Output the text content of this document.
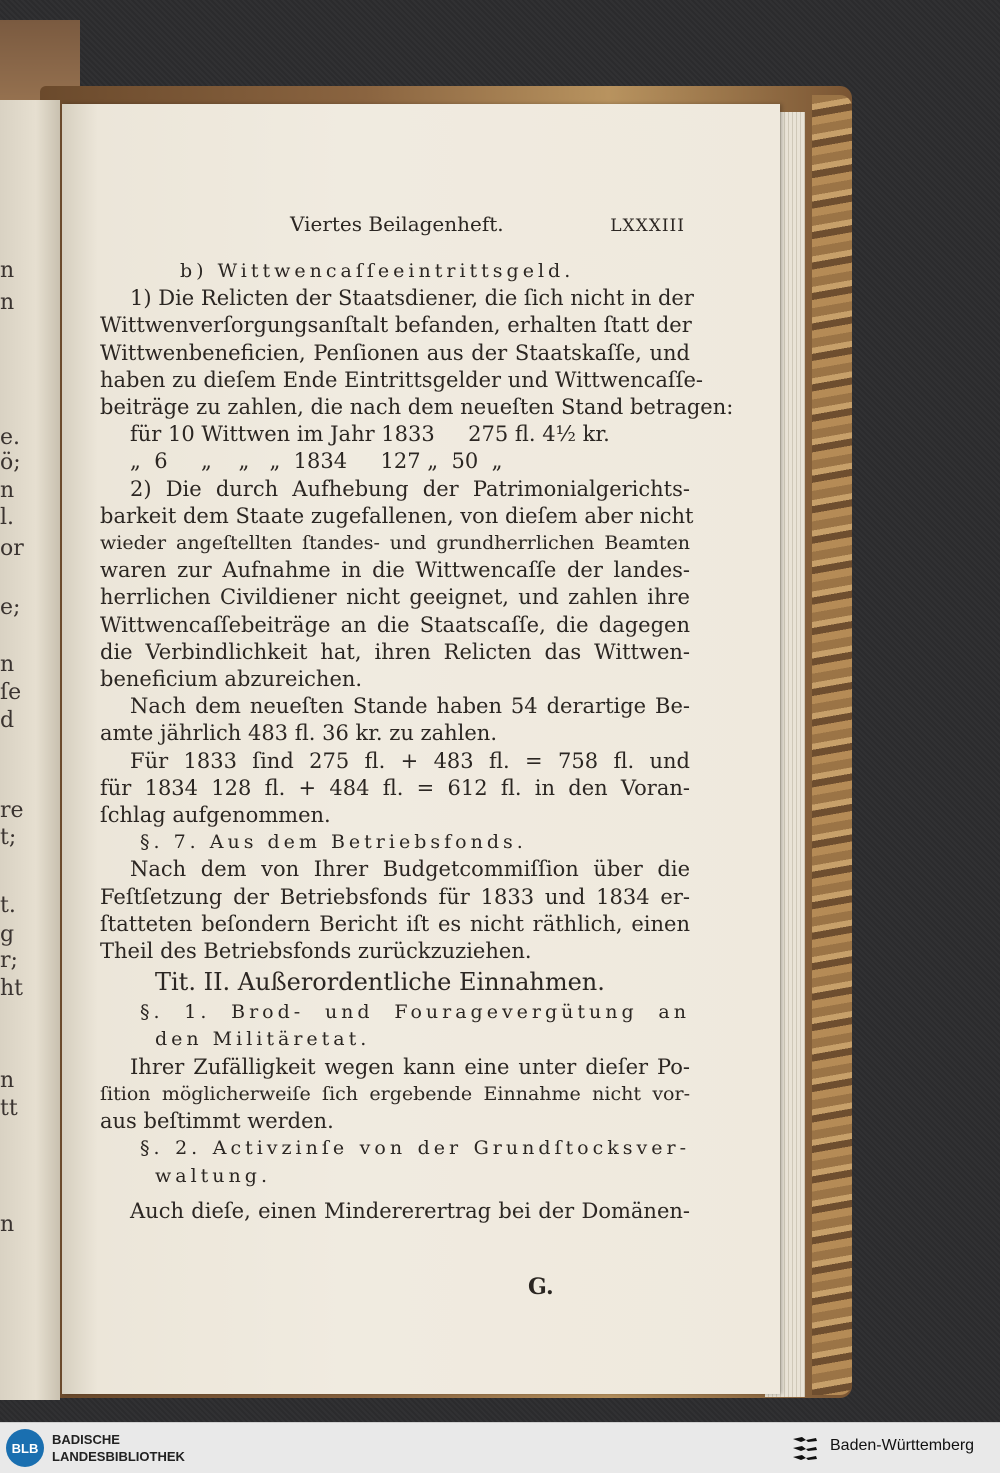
n
n
e.
ö;
n
l.
or
e;
n
ſe
d
re
t;
t.
g
r;
ht
n
tt
n
Viertes Beilagenheft.	LXXXIII
b) Wittwencaſſeeintrittsgeld.
1) Die Relicten der Staatsdiener, die ſich nicht in der
Wittwenverſorgungsanſtalt befanden, erhalten ſtatt der
Wittwenbeneficien, Penſionen aus der Staatskaſſe, und
haben zu dieſem Ende Eintrittsgelder und Wittwencaſſe-
beiträge zu zahlen, die nach dem neueſten Stand betragen:
für 10 Wittwen im Jahr 1833     275 fl. 4½ kr.
„  6     „    „   „  1834     127 „  50  „
2) Die durch Aufhebung der Patrimonialgerichts-
barkeit dem Staate zugefallenen, von dieſem aber nicht
wieder angeſtellten ſtandes- und grundherrlichen Beamten
waren zur Aufnahme in die Wittwencaſſe der landes-
herrlichen Civildiener nicht geeignet, und zahlen ihre
Wittwencaſſebeiträge an die Staatscaſſe, die dagegen
die Verbindlichkeit hat, ihren Relicten das Wittwen-
beneficium abzureichen.
Nach dem neueſten Stande haben 54 derartige Be-
amte jährlich 483 fl. 36 kr. zu zahlen.
Für 1833 ſind 275 fl. + 483 fl. = 758 fl. und
für 1834 128 fl. + 484 fl. = 612 fl. in den Voran-
ſchlag aufgenommen.
§. 7. Aus dem Betriebsfonds.
Nach dem von Ihrer Budgetcommiſſion über die
Feſtſetzung der Betriebsfonds für 1833 und 1834 er-
ſtatteten beſondern Bericht iſt es nicht räthlich, einen
Theil des Betriebsfonds zurückzuziehen.
Tit. II. Außerordentliche Einnahmen.
§. 1. Brod- und Fouragevergütung an
den Militäretat.
Ihrer Zufälligkeit wegen kann eine unter dieſer Po-
ſition möglicherweiſe ſich ergebende Einnahme nicht vor-
aus beſtimmt werden.
§. 2. Activzinſe von der Grundſtocksver-
waltung.
Auch dieſe, einen Mindererertrag bei der Domänen-
G.
BLB
BADISCHE
LANDESBIBLIOTHEK
Baden-Württemberg
